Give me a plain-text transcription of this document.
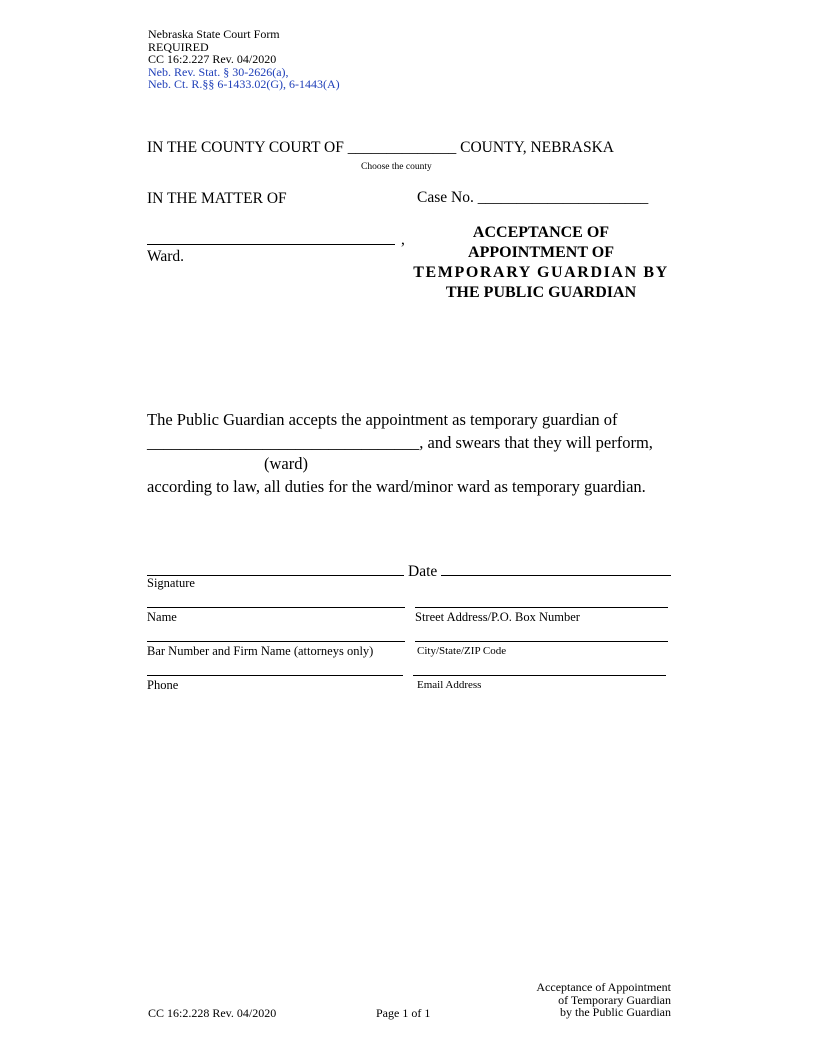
Nebraska State Court Form
REQUIRED
CC 16:2.227 Rev. 04/2020
Neb. Rev. Stat. § 30-2626(a),
Neb. Ct. R.§§ 6-1433.02(G), 6-1443(A)
IN THE COUNTY COURT OF ______________ COUNTY, NEBRASKA
Choose the county
IN THE MATTER OF	Case No. ______________________
,
Ward.
ACCEPTANCE OF
APPOINTMENT OF
TEMPORARY GUARDIAN BY
THE PUBLIC GUARDIAN
The Public Guardian accepts the appointment as temporary guardian of
_________________________________, and swears that they will perform,
(ward)
according to law, all duties for the ward/minor ward as temporary guardian.
Date
Signature
Name	Street Address/P.O. Box Number
Bar Number and Firm Name (attorneys only)	City/State/ZIP Code
Phone	Email Address
CC 16:2.228 Rev. 04/2020	Page 1 of 1
Acceptance of Appointment
of Temporary Guardian
by the Public Guardian
